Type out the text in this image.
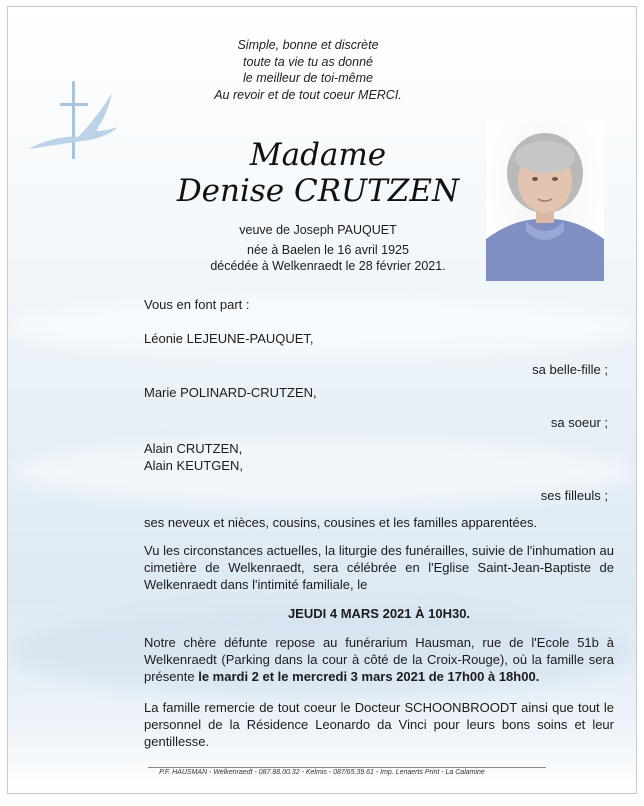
Simple, bonne et discrète
toute ta vie tu as donné
le meilleur de toi-même
Au revoir et de tout coeur MERCI.
Madame
Denise CRUTZEN
veuve de Joseph PAUQUET
née à Baelen le 16 avril 1925
décédée à Welkenraedt le 28 février 2021.
Vous en font part :
Léonie LEJEUNE-PAUQUET,
sa belle-fille ;
Marie POLINARD-CRUTZEN,
sa soeur ;
Alain CRUTZEN,
Alain KEUTGEN,
ses filleuls ;
ses neveux et nièces, cousins, cousines et les familles apparentées.
Vu les circonstances actuelles, la liturgie des funérailles, suivie de l'inhumation au cimetière de Welkenraedt, sera célébrée en l'Eglise Saint-Jean-Baptiste de Welkenraedt dans l'intimité familiale, le
JEUDI 4 MARS 2021 À 10H30.
Notre chère défunte repose au funérarium Hausman, rue de l'Ecole 51b à Welkenraedt (Parking dans la cour à côté de la Croix-Rouge), où la famille sera présente le mardi 2 et le mercredi 3 mars 2021 de 17h00 à 18h00.
La famille remercie de tout coeur le Docteur SCHOONBROODT ainsi que tout le personnel de la Résidence Leonardo da Vinci pour leurs bons soins et leur gentillesse.
P.F. HAUSMAN - Welkenraedt - 087.88.00.32 - Kelmis - 087/65.39.61 - Imp. Lenaerts Print - La Calamine
